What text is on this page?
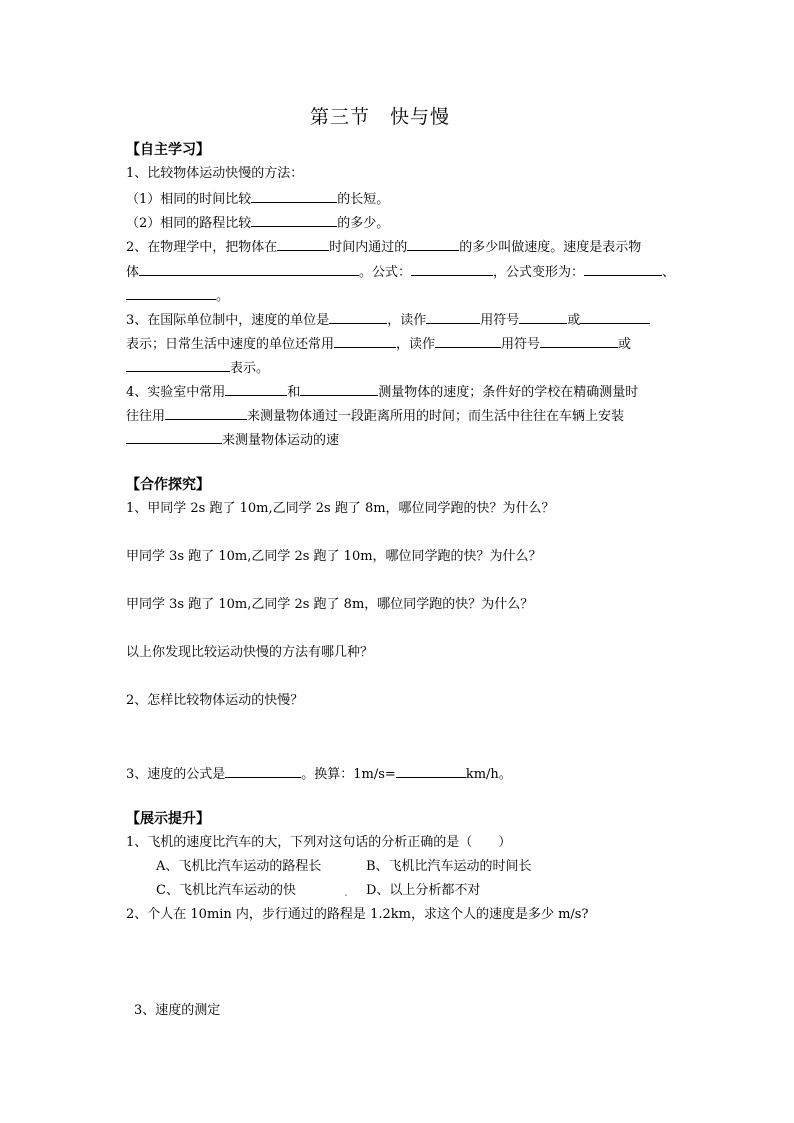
第三节　快与慢
【自主学习】
1、比较物体运动快慢的方法：
（1）相同的时间比较	的长短。
（2）相同的路程比较	的多少。
2、在物理学中，把物体在	时间内通过的	的多少叫做速度。速度是表示物
体	。公式：	，公式变形为：	、
。
3、在国际单位制中，速度的单位是	，读作	用符号	或
表示；日常生活中速度的单位还常用	，读作	用符号	或
表示。
4、实验室中常用	和	测量物体的速度；条件好的学校在精确测量时
往往用	来测量物体通过一段距离所用的时间；而生活中往往在车辆上安装
来测量物体运动的速
【合作探究】
1、甲同学 2s 跑了 10m,乙同学 2s 跑了 8m，哪位同学跑的快？为什么？
甲同学 3s 跑了 10m,乙同学 2s 跑了 10m，哪位同学跑的快？为什么？
甲同学 3s 跑了 10m,乙同学 2s 跑了 8m，哪位同学跑的快？为什么？
以上你发现比较运动快慢的方法有哪几种？
2、怎样比较物体运动的快慢？
3、速度的公式是	。换算：1m/s=	km/h。
【展示提升】
1、飞机的速度比汽车的大，下列对这句话的分析正确的是（　　）
A、飞机比汽车运动的路程长	B、飞机比汽车运动的时间长
C、飞机比汽车运动的快	. D、以上分析都不对
2、个人在 10min 内，步行通过的路程是 1.2km，求这个人的速度是多少 m/s?
3、速度的测定
